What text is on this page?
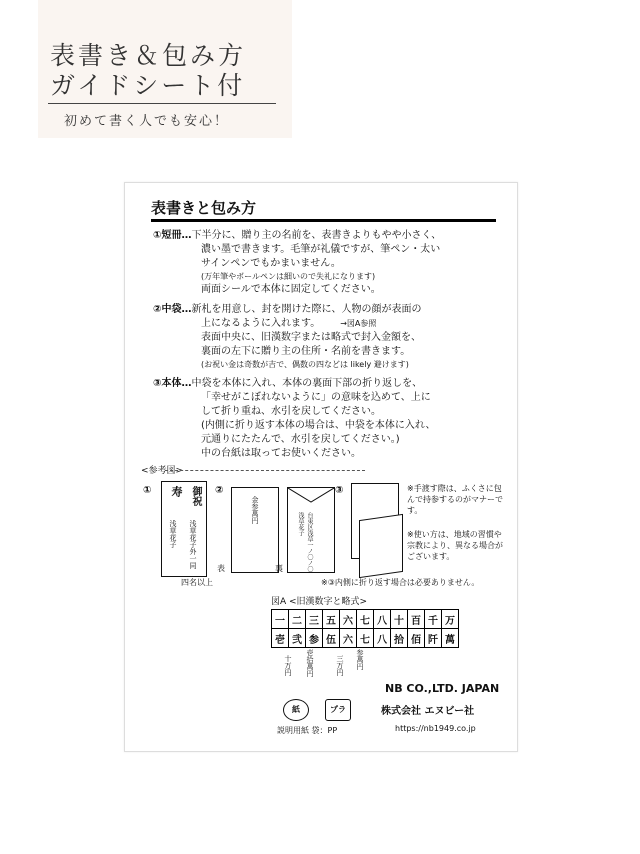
表書き＆包み方
ガイドシート付
初めて書く人でも安心！
表書きと包み方
①短冊…下半分に、贈り主の名前を、表書きよりもやや小さく、
濃い墨で書きます。毛筆が礼儀ですが、筆ペン・太い
サインペンでもかまいません。
(万年筆やボールペンは細いので失礼になります)
両面シールで本体に固定してください。
②中袋…新札を用意し、封を開けた際に、人物の顔が表面の
上になるように入れます。	→図A参照
表面中央に、旧漢数字または略式で封入金額を、
裏面の左下に贈り主の住所・名前を書きます。
(お祝い金は奇数が吉で、偶数の四などは likely 避けます)
③本体…中袋を本体に入れ、本体の裏面下部の折り返しを、
「幸せがこぼれないように」の意味を込めて、上に
して折り重ね、水引を戻してください。
(内側に折り返す本体の場合は、中袋を本体に入れ、
元通りにたたんで、水引を戻してください。)
中の台紙は取ってお使いください。
<参考図>
① 寿
浅草花子
御祝
浅草花子外一同
四名以上
②
金参萬円
表	台東区浅草一ノ〇ノ〇浅草花子
裏
③	※手渡す際は、ふくさに包んで持参するのがマナーです。
※使い方は、地域の習慣や宗教により、異なる場合がございます。
※③内側に折り返す場合は必要ありません。
図A <旧漢数字と略式>
一	二	三	五	六	七	八	十	百	千	万
壱	弐	参	伍	六	七	八	拾	佰	阡	萬
十万円 壱拾萬円	三万円 参萬円
紙	プラ
説明用紙 袋：PP
NB CO.,LTD. JAPAN
株式会社 エヌビー社
https://nb1949.co.jp
